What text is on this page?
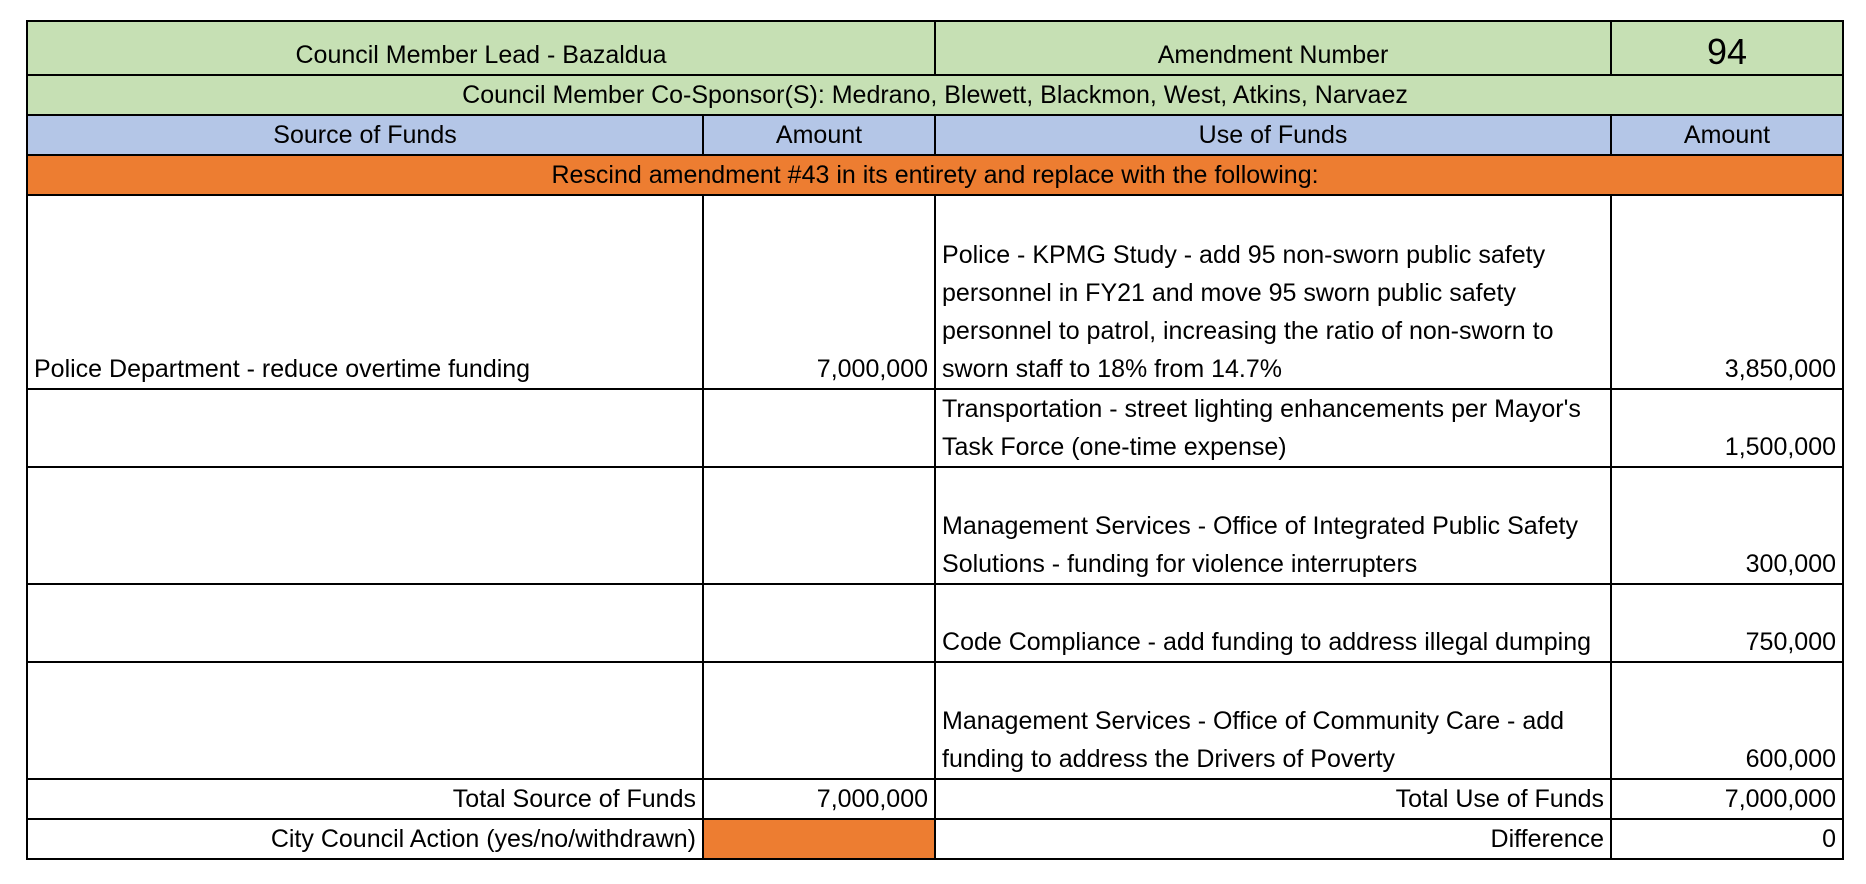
Council Member Lead - Bazaldua		Amendment Number	94
Council Member Co-Sponsor(S): Medrano, Blewett, Blackmon, West, Atkins, Narvaez			
Source of Funds	Amount	Use of Funds	Amount
Rescind amendment #43 in its entirety and replace with the following:			
Police Department - reduce overtime funding	7,000,000	Police - KPMG Study - add 95 non-sworn public safety personnel in FY21 and move 95 sworn public safety personnel to patrol, increasing the ratio of non-sworn to sworn staff to 18% from 14.7%	3,850,000
		Transportation - street lighting enhancements per Mayor's Task Force (one-time expense)	1,500,000
		Management Services - Office of Integrated Public Safety Solutions - funding for violence interrupters	300,000
		Code Compliance - add funding to address illegal dumping	750,000
		Management Services - Office of Community Care - add funding to address the Drivers of Poverty	600,000
Total Source of Funds	7,000,000	Total Use of Funds	7,000,000
City Council Action (yes/no/withdrawn)		Difference	0
